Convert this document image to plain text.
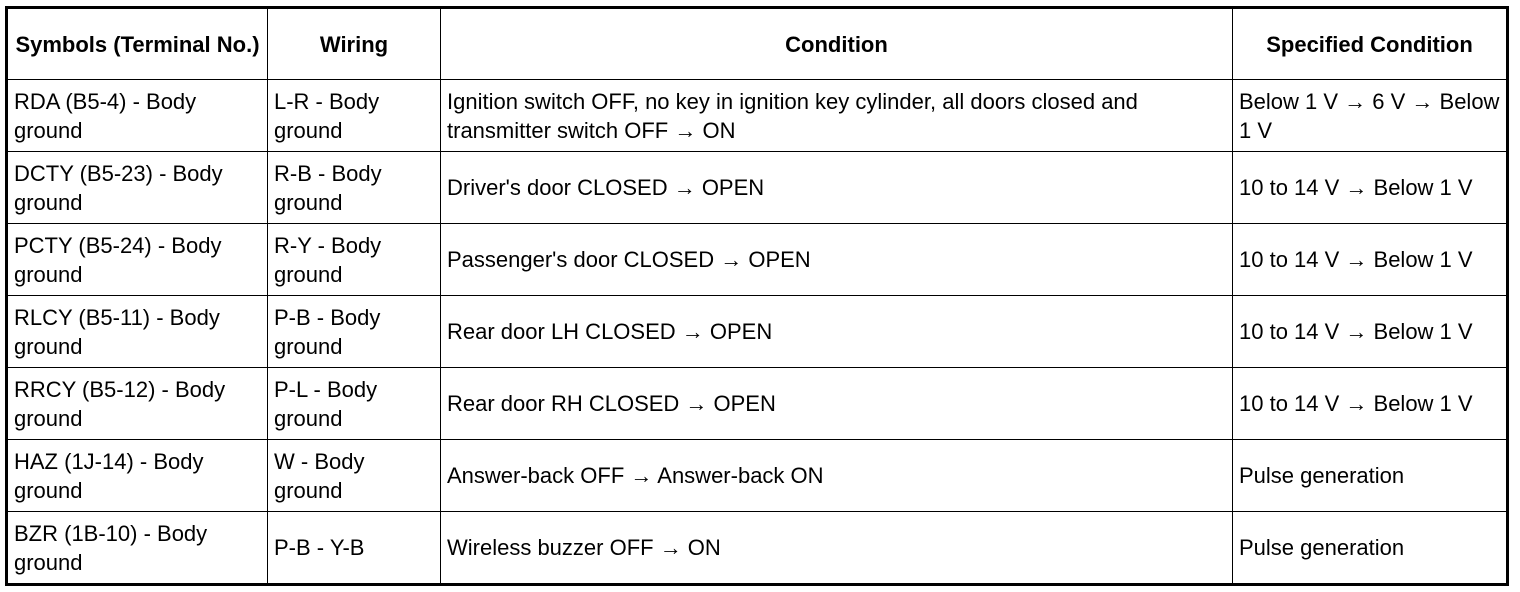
Symbols (Terminal No.)	Wiring	Condition	Specified Condition
RDA (B5-4) - Body ground	L-R - Body ground	Ignition switch OFF, no key in ignition key cylinder, all doors closed and transmitter switch OFF → ON	Below 1 V → 6 V → Below 1 V
DCTY (B5-23) - Body ground	R-B - Body ground	Driver's door CLOSED → OPEN	10 to 14 V → Below 1 V
PCTY (B5-24) - Body ground	R-Y - Body ground	Passenger's door CLOSED → OPEN	10 to 14 V → Below 1 V
RLCY (B5-11) - Body ground	P-B - Body ground	Rear door LH CLOSED → OPEN	10 to 14 V → Below 1 V
RRCY (B5-12) - Body ground	P-L - Body ground	Rear door RH CLOSED → OPEN	10 to 14 V → Below 1 V
HAZ (1J-14) - Body ground	W - Body ground	Answer-back OFF → Answer-back ON	Pulse generation
BZR (1B-10) - Body ground	P-B - Y-B	Wireless buzzer OFF → ON	Pulse generation
